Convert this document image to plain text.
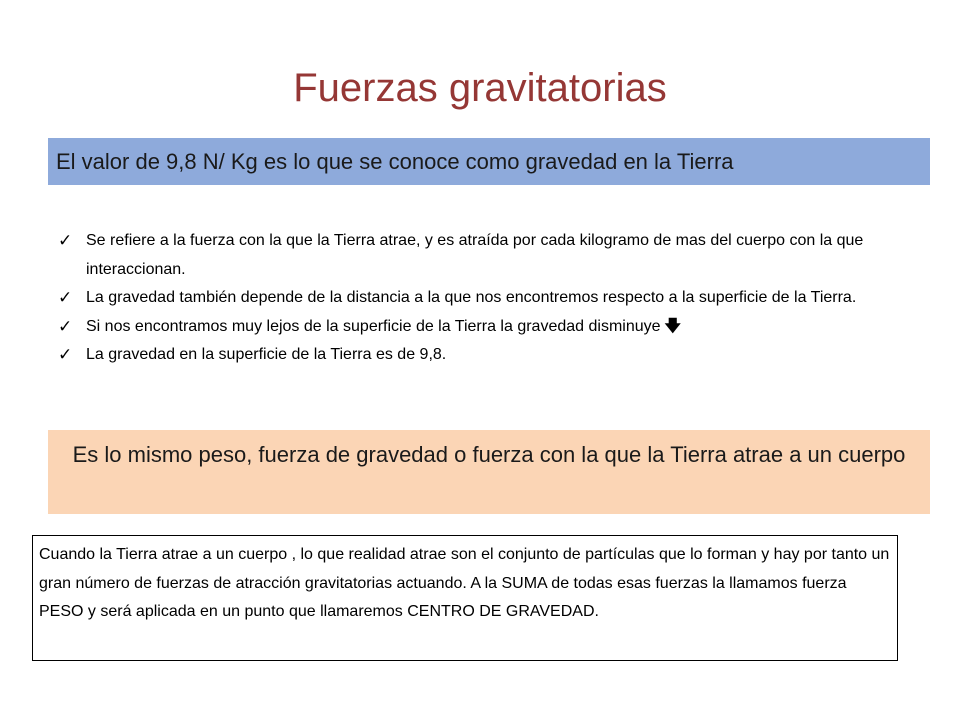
Fuerzas gravitatorias
El valor de 9,8 N/ Kg es lo que se conoce como gravedad en la Tierra
✓ Se refiere a la fuerza con la que la Tierra atrae, y es atraída por cada kilogramo de mas del cuerpo con la que interaccionan.
✓ La gravedad también depende de la distancia a la que nos encontremos respecto a la superficie de la Tierra.
✓ Si nos encontramos muy lejos de la superficie de la Tierra la gravedad disminuye 🡇
✓ La gravedad en la superficie de la Tierra es de 9,8.
Es lo mismo peso, fuerza de gravedad o fuerza con la que la Tierra atrae a un cuerpo
Cuando la Tierra atrae a un cuerpo , lo que realidad atrae son el conjunto de partículas que lo forman y hay por tanto un gran número de fuerzas de atracción gravitatorias actuando. A la SUMA de todas esas fuerzas la llamamos fuerza PESO y será aplicada en un punto que llamaremos CENTRO DE GRAVEDAD.
